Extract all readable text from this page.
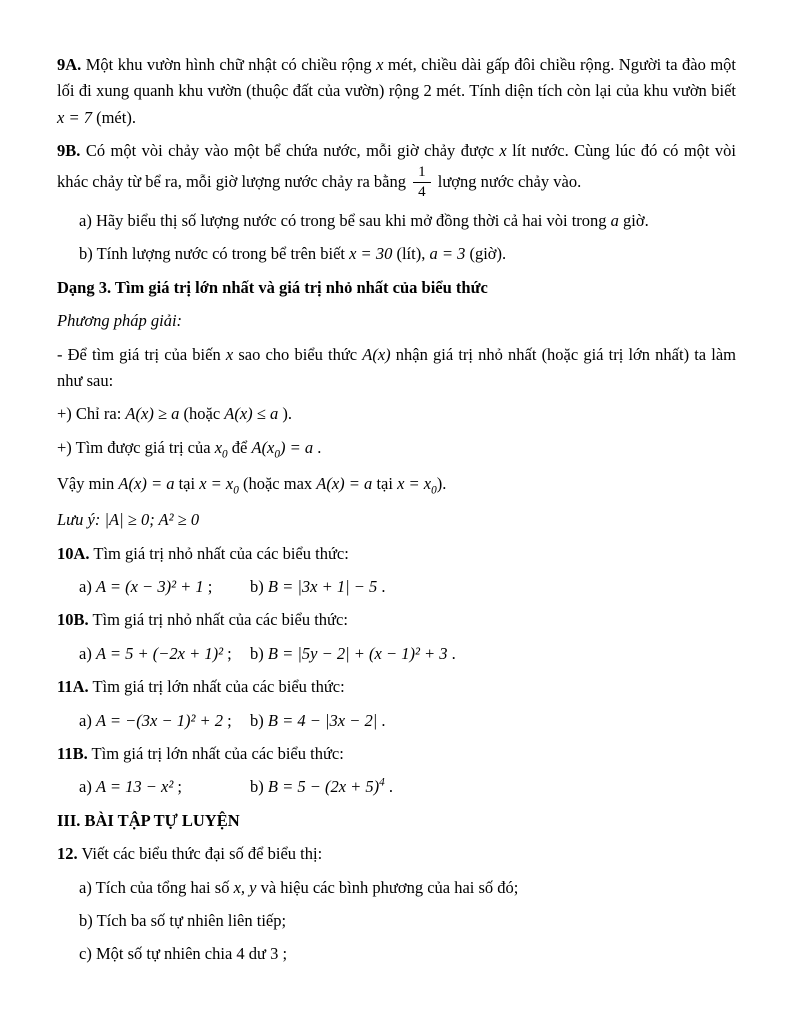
9A. Một khu vườn hình chữ nhật có chiều rộng x mét, chiều dài gấp đôi chiều rộng. Người ta đào một lối đi xung quanh khu vườn (thuộc đất của vườn) rộng 2 mét. Tính diện tích còn lại của khu vườn biết x = 7 (mét).

9B. Có một vòi chảy vào một bể chứa nước, mỗi giờ chảy được x lít nước. Cùng lúc đó có một vòi khác chảy từ bể ra, mỗi giờ lượng nước chảy ra bằng $\frac{1}{4}$ lượng nước chảy vào.

a) Hãy biểu thị số lượng nước có trong bể sau khi mở đồng thời cả hai vòi trong a giờ.

b) Tính lượng nước có trong bể trên biết x = 30 (lít), a = 3 (giờ).

Dạng 3. Tìm giá trị lớn nhất và giá trị nhỏ nhất của biểu thức

Phương pháp giải:

- Để tìm giá trị của biến x sao cho biểu thức A(x) nhận giá trị nhỏ nhất (hoặc giá trị lớn nhất) ta làm như sau:

+) Chỉ ra: A(x) ≥ a (hoặc A(x) ≤ a ).

+) Tìm được giá trị của $x_0$ để $A(x_0) = a$ .

Vậy min A(x) = a tại $x = x_0$ (hoặc max A(x) = a tại $x = x_0$).

Lưu ý: |A| ≥ 0; A² ≥ 0

10A. Tìm giá trị nhỏ nhất của các biểu thức:

a) A = (x − 3)² + 1 ; b) B = |3x + 1| − 5 .

10B. Tìm giá trị nhỏ nhất của các biểu thức:

a) A = 5 + (−2x + 1)² ; b) B = |5y − 2| + (x − 1)² + 3 .

11A. Tìm giá trị lớn nhất của các biểu thức:

a) A = −(3x − 1)² + 2 ; b) B = 4 − |3x − 2| .

11B. Tìm giá trị lớn nhất của các biểu thức:

a) A = 13 − x² ;	b) $B = 5 - (2x + 5)^4$ .

III. BÀI TẬP TỰ LUYỆN

12. Viết các biểu thức đại số để biểu thị:

a) Tích của tổng hai số x, y và hiệu các bình phương của hai số đó;

b) Tích ba số tự nhiên liên tiếp;

c) Một số tự nhiên chia 4 dư 3 ;
